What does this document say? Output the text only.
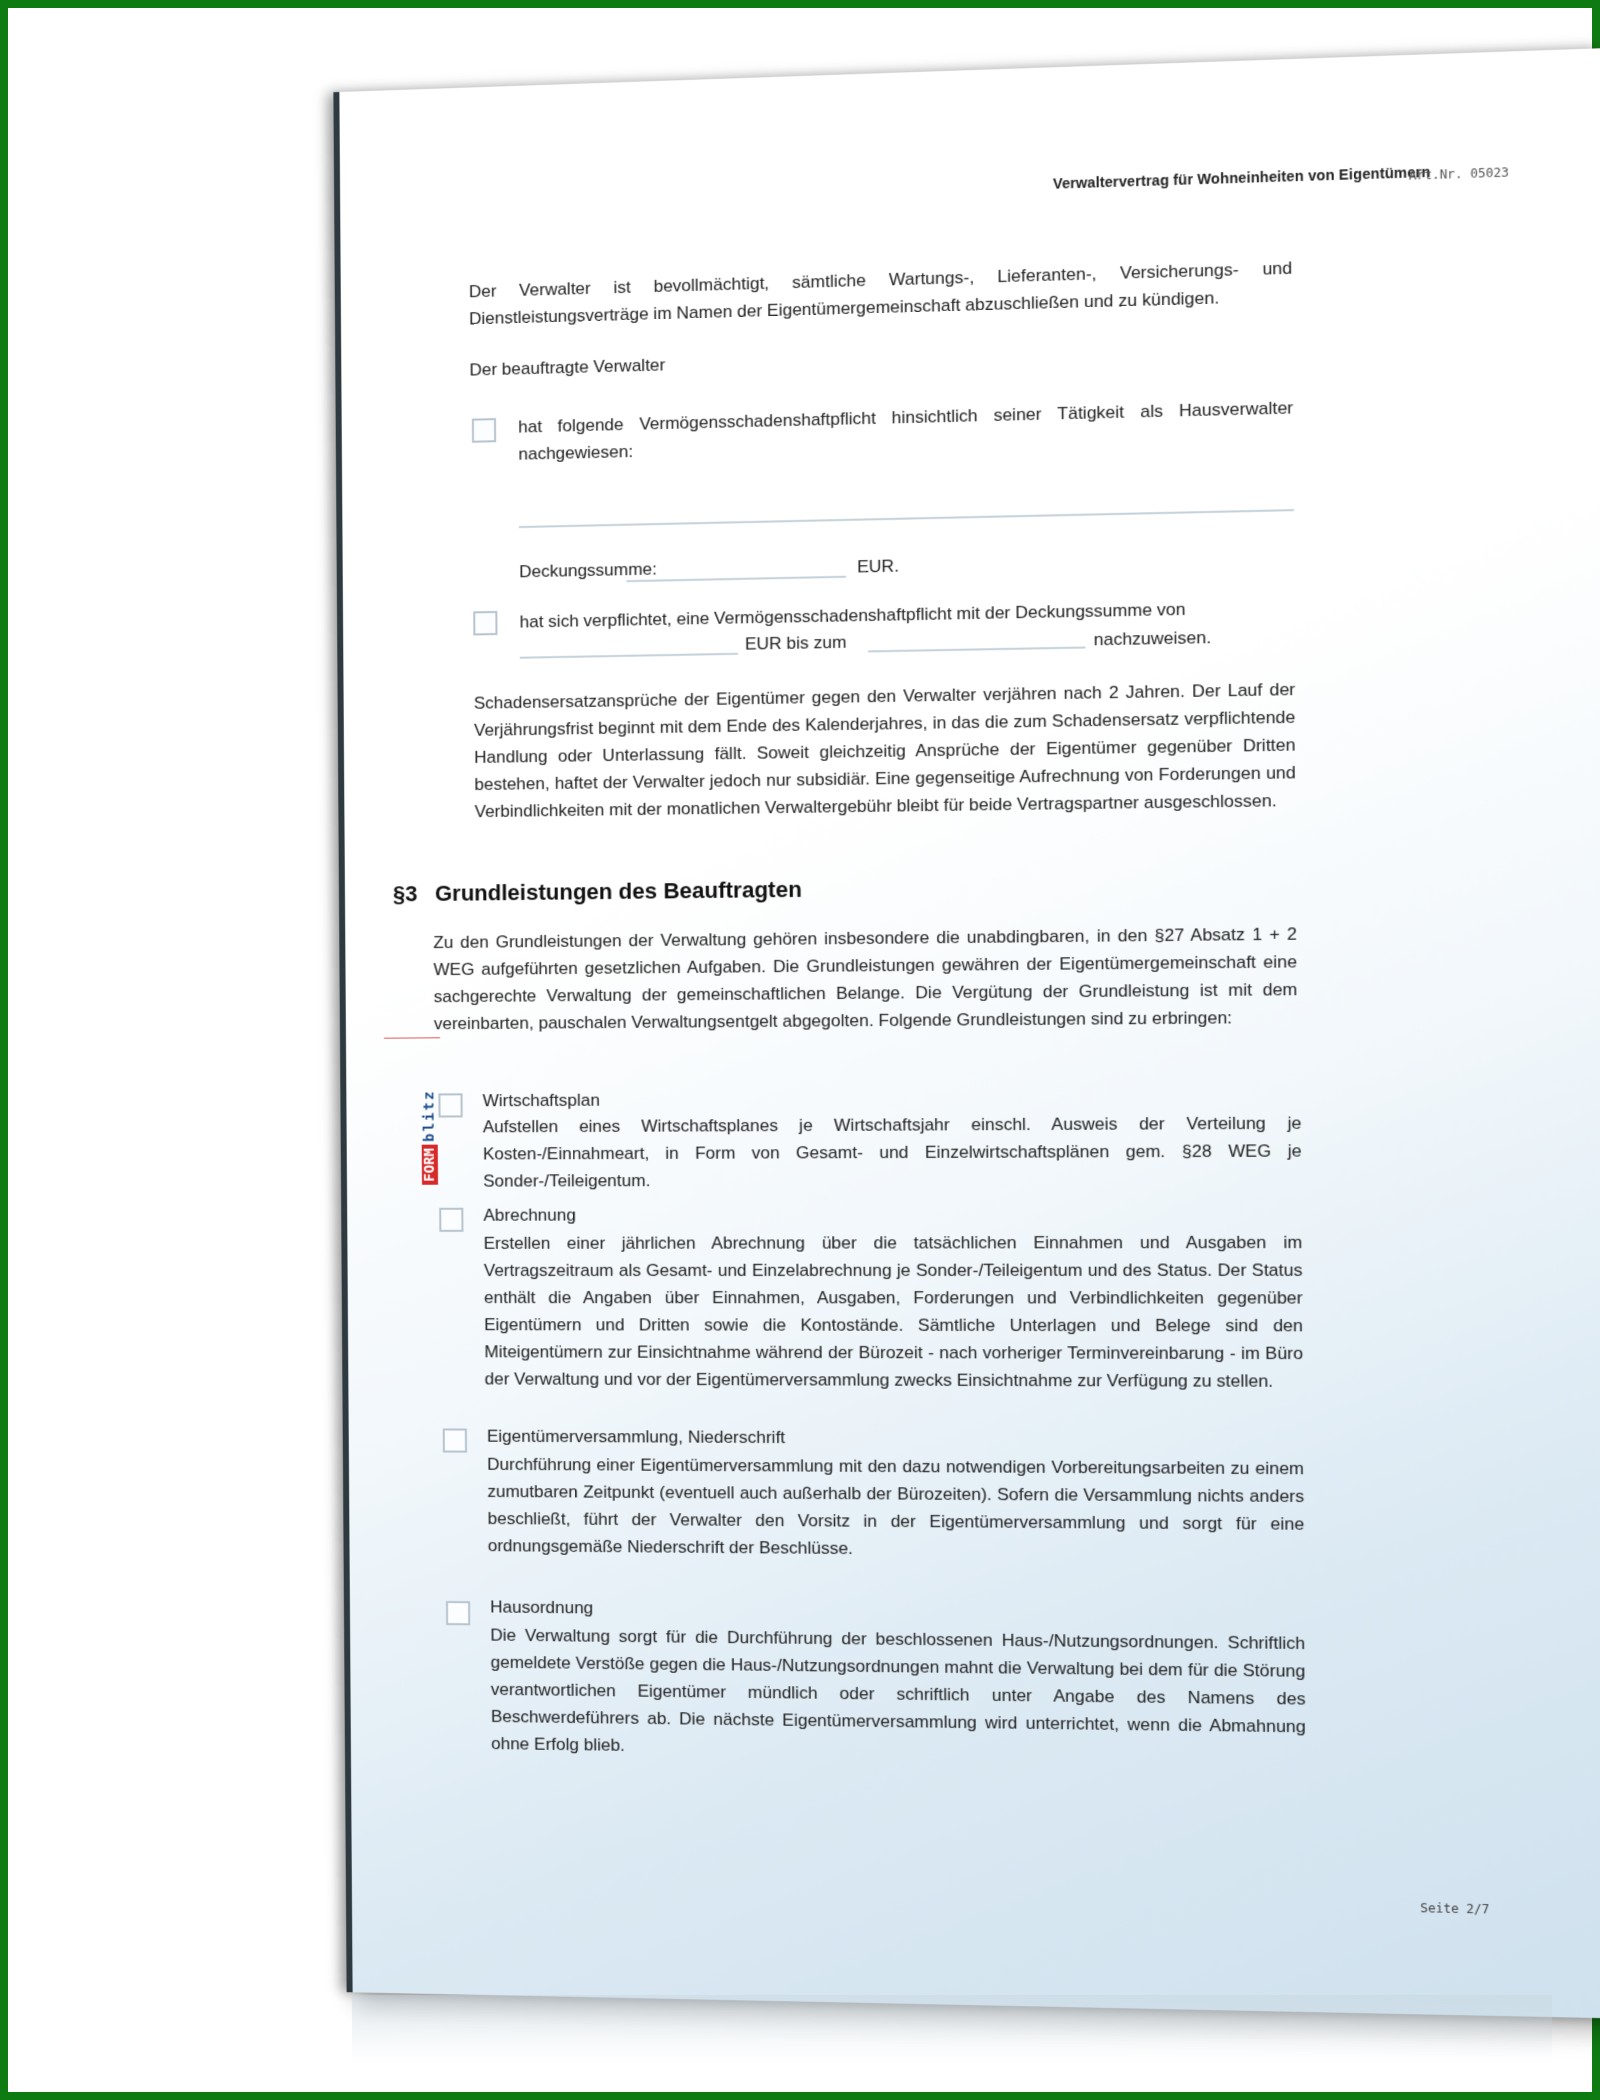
Verwaltervertrag für Wohneinheiten von Eigentümern
Art.Nr. 05023
Der Verwalter ist bevollmächtigt, sämtliche Wartungs-, Lieferanten-, Versicherungs- und Dienstleistungsverträge im Namen der Eigentümergemeinschaft abzuschließen und zu kündigen.
Der beauftragte Verwalter
hat folgende Vermögensschadenshaftpflicht hinsichtlich seiner Tätigkeit als Hausverwalter nachgewiesen:
Deckungssumme:	EUR.
hat sich verpflichtet, eine Vermögensschadenshaftpflicht mit der Deckungssumme von
EUR bis zum	nachzuweisen.
Schadensersatzansprüche der Eigentümer gegen den Verwalter verjähren nach 2 Jahren. Der Lauf der Verjährungsfrist beginnt mit dem Ende des Kalenderjahres, in das die zum Schadensersatz verpflichtende Handlung oder Unterlassung fällt. Soweit gleichzeitig Ansprüche der Eigentümer gegenüber Dritten bestehen, haftet der Verwalter jedoch nur subsidiär. Eine gegenseitige Aufrechnung von Forderungen und Verbindlichkeiten mit der monatlichen Verwaltergebühr bleibt für beide Vertragspartner ausgeschlossen.
§3 Grundleistungen des Beauftragten
Zu den Grundleistungen der Verwaltung gehören insbesondere die unabdingbaren, in den §27 Absatz 1 + 2 WEG aufgeführten gesetzlichen Aufgaben. Die Grundleistungen gewähren der Eigentümergemeinschaft eine sachgerechte Verwaltung der gemeinschaftlichen Belange. Die Vergütung der Grundleistung ist mit dem vereinbarten, pauschalen Verwaltungsentgelt abgegolten. Folgende Grundleistungen sind zu erbringen:
FORMblitz	Wirtschaftsplan
Aufstellen eines Wirtschaftsplanes je Wirtschaftsjahr einschl. Ausweis der Verteilung je Kosten-/Einnahmeart, in Form von Gesamt- und Einzelwirtschaftsplänen gem. §28 WEG je Sonder-/Teileigentum.
Abrechnung
Erstellen einer jährlichen Abrechnung über die tatsächlichen Einnahmen und Ausgaben im Vertragszeitraum als Gesamt- und Einzelabrechnung je Sonder-/Teileigentum und des Status. Der Status enthält die Angaben über Einnahmen, Ausgaben, Forderungen und Verbindlichkeiten gegenüber Eigentümern und Dritten sowie die Kontostände. Sämtliche Unterlagen und Belege sind den Miteigentümern zur Einsichtnahme während der Bürozeit - nach vorheriger Terminvereinbarung - im Büro der Verwaltung und vor der Eigentümerversammlung zwecks Einsichtnahme zur Verfügung zu stellen.
Eigentümerversammlung, Niederschrift
Durchführung einer Eigentümerversammlung mit den dazu notwendigen Vorbereitungsarbeiten zu einem zumutbaren Zeitpunkt (eventuell auch außerhalb der Bürozeiten). Sofern die Versammlung nichts anders beschließt, führt der Verwalter den Vorsitz in der Eigentümerversammlung und sorgt für eine ordnungsgemäße Niederschrift der Beschlüsse.
Hausordnung
Die Verwaltung sorgt für die Durchführung der beschlossenen Haus-/Nutzungsordnungen. Schriftlich gemeldete Verstöße gegen die Haus-/Nutzungsordnungen mahnt die Verwaltung bei dem für die Störung verantwortlichen Eigentümer mündlich oder schriftlich unter Angabe des Namens des Beschwerdeführers ab. Die nächste Eigentümerversammlung wird unterrichtet, wenn die Abmahnung ohne Erfolg blieb.
Seite 2/7
